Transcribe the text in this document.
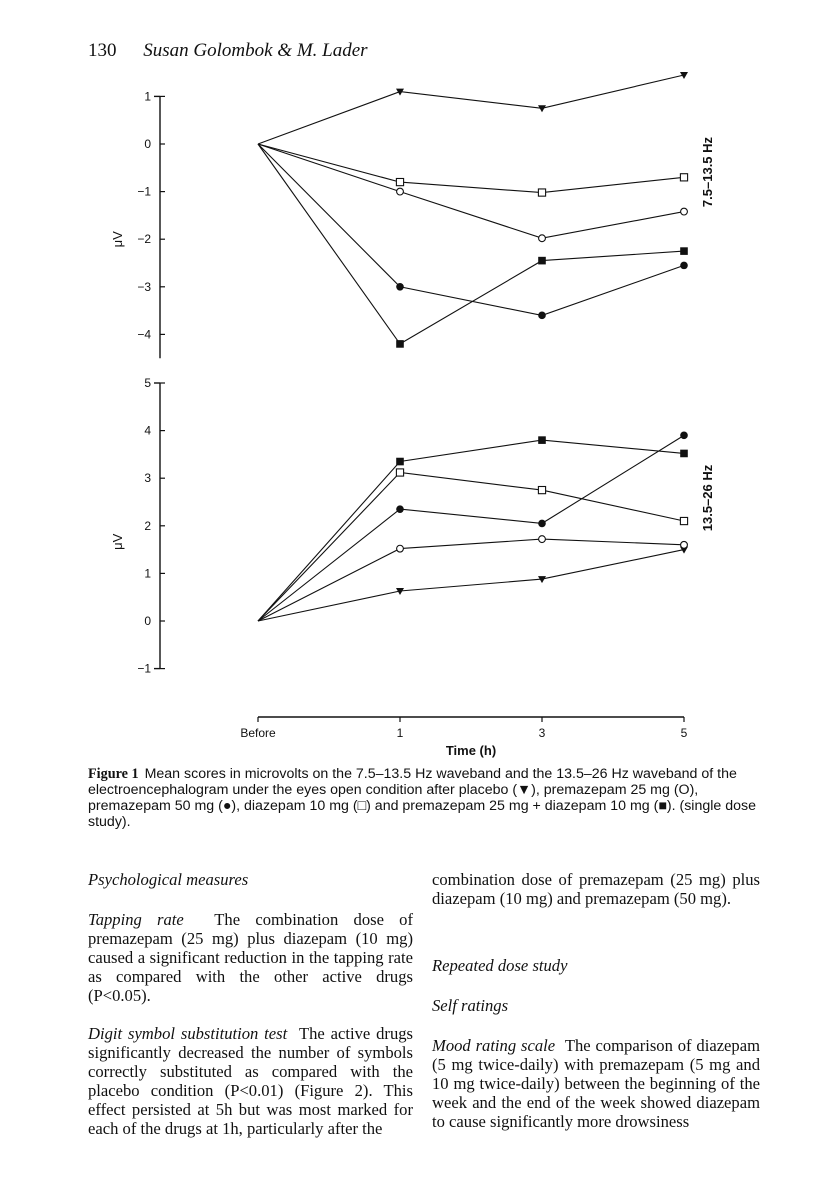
130 Susan Golombok & M. Lader
1
0
−1
−2
−3
−4
μV
7.5–13.5 Hz
5
4
3
2
1
0
−1
μV
13.5–26 Hz
Before	1	3	5
Time (h)
Figure 1 Mean scores in microvolts on the 7.5–13.5 Hz waveband and the 13.5–26 Hz waveband of the electroencephalogram under the eyes open condition after placebo (▼), premazepam 25 mg (O), premazepam 50 mg (●), diazepam 10 mg (□) and premazepam 25 mg + diazepam 10 mg (■). (single dose study).

Psychological measures

Tapping rate The combination dose of premazepam (25 mg) plus diazepam (10 mg) caused a significant reduction in the tapping rate as compared with the other active drugs (P<0.05).

Digit symbol substitution test The active drugs significantly decreased the number of symbols correctly substituted as compared with the placebo condition (P<0.01) (Figure 2). This effect persisted at 5h but was most marked for each of the drugs at 1h, particularly after the

combination dose of premazepam (25 mg) plus diazepam (10 mg) and premazepam (50 mg).

Repeated dose study

Self ratings

Mood rating scale The comparison of diazepam (5 mg twice-daily) with premazepam (5 mg and 10 mg twice-daily) between the beginning of the week and the end of the week showed diazepam to cause significantly more drowsiness
